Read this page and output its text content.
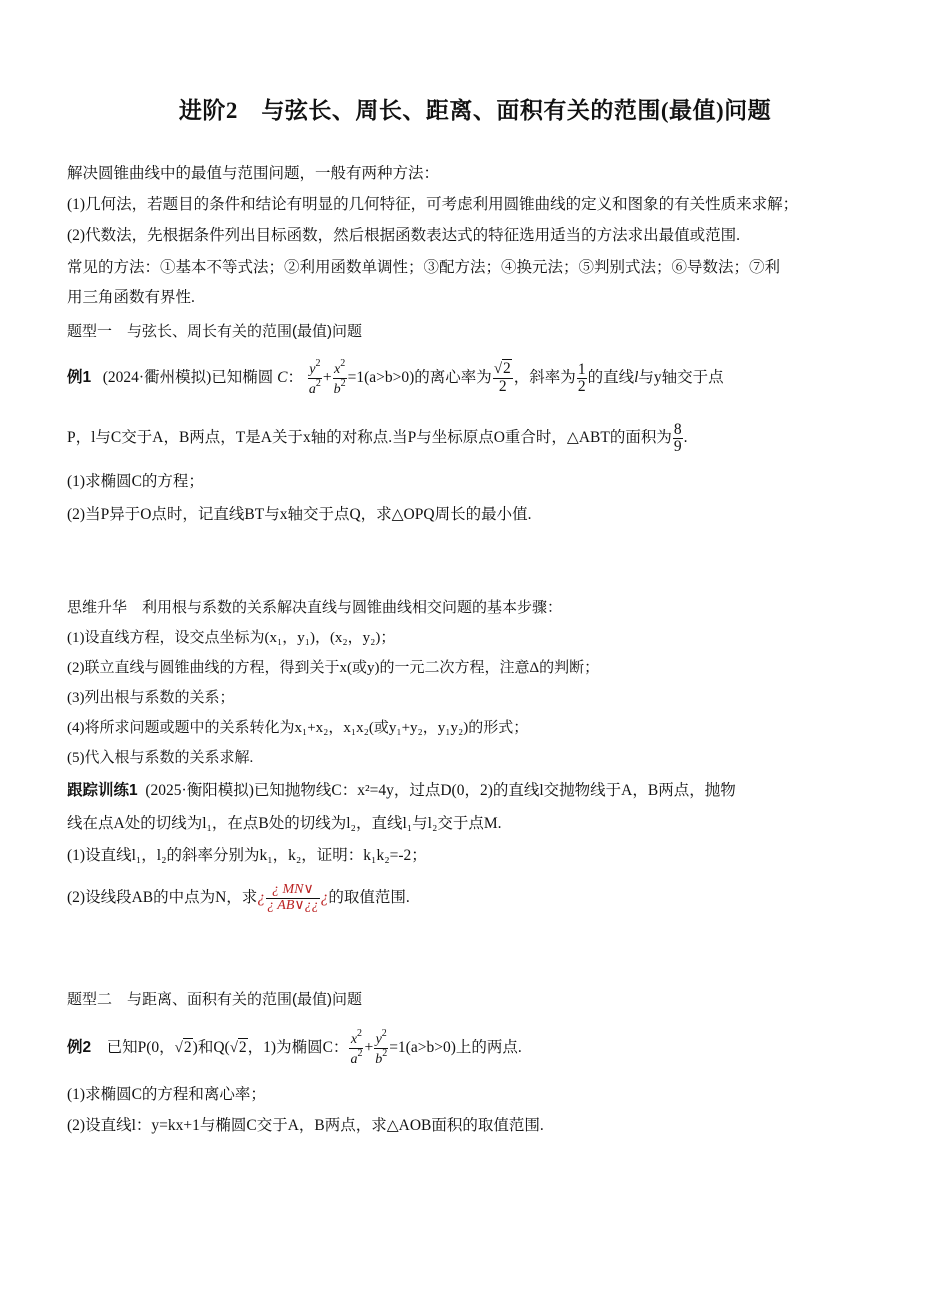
进阶2　与弦长、周长、距离、面积有关的范围(最值)问题
解决圆锥曲线中的最值与范围问题，一般有两种方法：
(1)几何法，若题目的条件和结论有明显的几何特征，可考虑利用圆锥曲线的定义和图象的有关性质来求解；
(2)代数法，先根据条件列出目标函数，然后根据函数表达式的特征选用适当的方法求出最值或范围.
常见的方法：①基本不等式法；②利用函数单调性；③配方法；④换元法；⑤判别式法；⑥导数法；⑦利
用三角函数有界性.
题型一　与弦长、周长有关的范围(最值)问题
例1 (2024·衢州模拟)已知椭圆 C： $\frac{y^2}{a^2} + \frac{x^2}{b^2} =1(a>b>0)$的离心率为 $\frac{√2}{2}$ ，斜率为 $\frac{1}{2}$ 的直线l与y轴交于点
P，l与C交于A，B两点，T是A关于x轴的对称点.当P与坐标原点O重合时，△ABT的面积为 $\frac{8}{9}$ .
(1)求椭圆C的方程；
(2)当P异于O点时，记直线BT与x轴交于点Q，求△OPQ周长的最小值.
思维升华　利用根与系数的关系解决直线与圆锥曲线相交问题的基本步骤：
(1)设直线方程，设交点坐标为(x₁，y₁)，(x₂，y₂)；
(2)联立直线与圆锥曲线的方程，得到关于x(或y)的一元二次方程，注意Δ的判断；
(3)列出根与系数的关系；
(4)将所求问题或题中的关系转化为x₁+x₂，x₁x₂(或y₁+y₂，y₁y₂)的形式；
(5)代入根与系数的关系求解.
跟踪训练1 (2025·衡阳模拟)已知抛物线C：x²=4y，过点D(0，2)的直线l交抛物线于A，B两点，抛物
线在点A处的切线为l₁，在点B处的切线为l₂，直线l₁与l₂交于点M.
(1)设直线l₁，l₂的斜率分别为k₁，k₂，证明：k₁k₂=-2；
(2)设线段AB的中点为N，求¿ $\frac{¿ MN\vee}{¿ AB\vee¿¿}$ ¿的取值范围.
题型二　与距离、面积有关的范围(最值)问题
例2 已知P(0，√2)和Q(√2，1)为椭圆C： $\frac{x^2}{a^2} + \frac{y^2}{b^2} =1(a>b>0)$上的两点.
(1)求椭圆C的方程和离心率；
(2)设直线l：y=kx+1与椭圆C交于A，B两点，求△AOB面积的取值范围.
